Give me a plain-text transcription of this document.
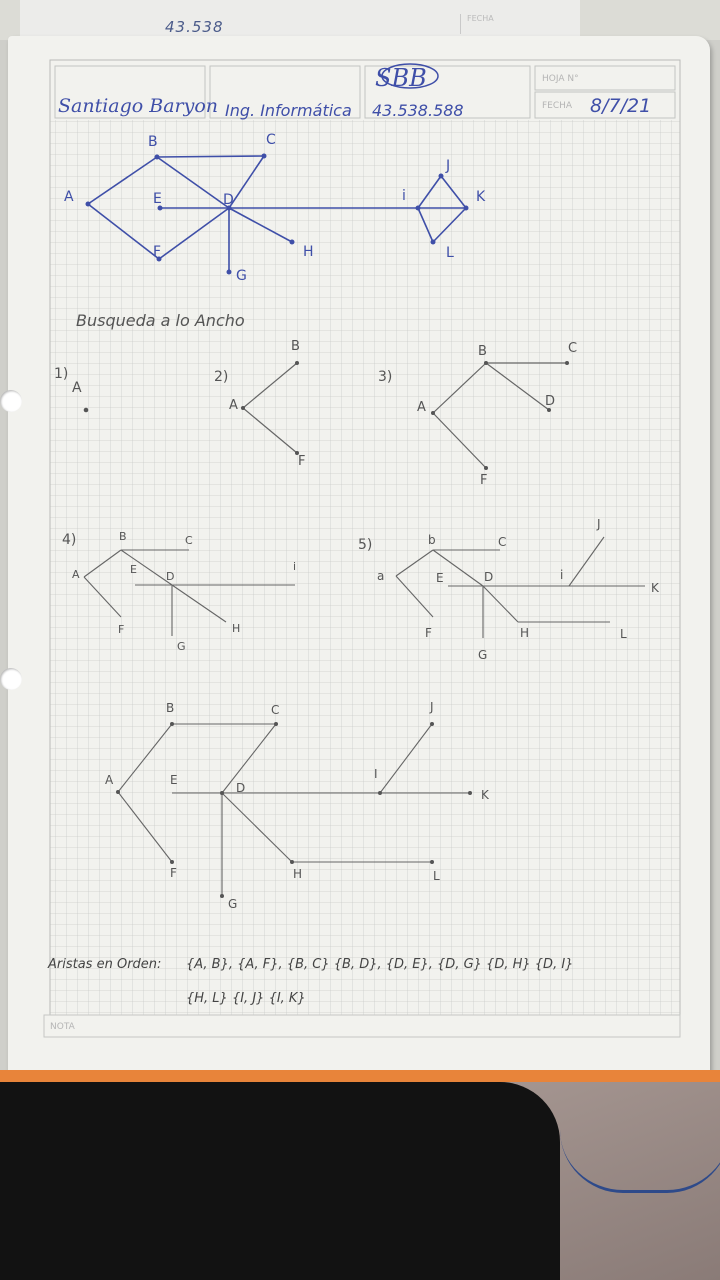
43.538	FECHA
HOJA N°
FECHA 8/7/21
Santiago Baryon Ing. Informática
SBB
43.538.588
A
B	C
E	D
F
G
H
i
J
K
L
Busqueda a lo Ancho
1)
A
2)
A
B
F
3)
A
B	C
D
F
4)
A
B	C
E
D
F
G
H
i
5)
a
b	C
E	D	i
J
K
F	H	L
G
B	C
A	E
D
F	H
G
J
I
K
L
Aristas en Orden: {A, B}, {A, F}, {B, C} {B, D}, {D, E}, {D, G} {D, H} {D, I}
{H, L} {I, J} {I, K}
NOTA
